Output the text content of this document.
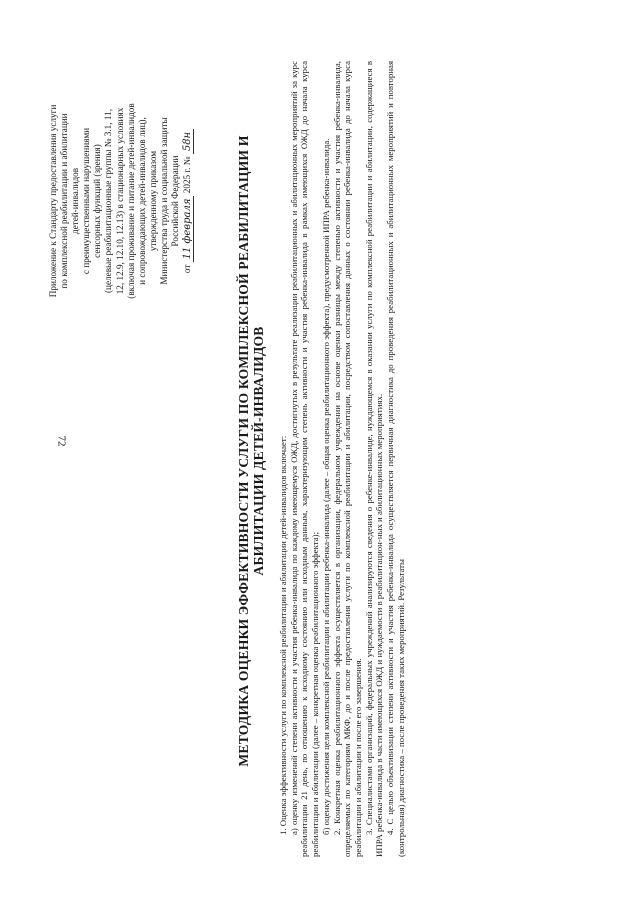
72
Приложение к Стандарту предоставления услуги по комплексной реабилитации и абилитации детей-инвалидов с преимущественными нарушениями сенсорных функций (зрения) (целевые реабилитационные группы № 3.1, 11, 12, 12.9, 12.10, 12.13) в стационарных условиях (включая проживание и питание детей-инвалидов и сопровождающих детей-инвалидов лиц), утвержденному приказом Министерства труда и социальной защиты Российской Федерации
от 11 февраля 2025 г. № 58н	МЕТОДИКА ОЦЕНКИ ЭФФЕКТИВНОСТИ УСЛУГИ ПО КОМПЛЕКСНОЙ РЕАБИЛИТАЦИИ И АБИЛИТАЦИИ ДЕТЕЙ-ИНВАЛИДОВ 1. Оценка эффективности услуги по комплексной реабилитации и абилитации детей-инвалидов включает: а) оценку изменений степени активности и участия ребенка-инвалида по каждому имеющемуся ОЖД, достигнутых в результате реализации реабилитационных и абилитационных мероприятий за курс реабилитации 21 день, по отношению к исходному состоянию или исходным данным, характеризующим степень активности и участия ребенка-инвалида в рамках имеющихся ОЖД до начала курса реабилитации и абилитации (далее – конкретная оценка реабилитационного эффекта); б) оценку достижения цели комплексной реабилитации и абилитации ребенка-инвалида (далее – общая оценка реабилитационного эффекта), предусмотренной ИПРА ребенка-инвалида. 2. Конкретная оценка реабилитационного эффекта осуществляется в организации, федеральном учреждении на основе оценки разницы между степенью активности и участия ребенка-инвалида, определяемых по категориям МКФ, до и после предоставления услуги по комплексной реабилитации и абилитации, посредством сопоставления данных о состоянии ребенка-инвалида до начала курса реабилитации и абилитации и после его завершения. 3. Специалистами организаций, федеральных учреждений анализируются сведения о ребенке-инвалиде, нуждающемся в оказании услуги по комплексной реабилитации и абилитации, содержащиеся в ИПРА ребенка-инвалида в части имеющихся ОЖД и нуждаемости в реабилитацион-ных и абилитационных мероприятиях. 4. С целью объективизации степени активности и участия ребенка-инвалида осуществляется первичная диагностика до проведения реабилитационных и абилитационных мероприятий и повторная (контрольная) диагностика – после проведения таких мероприятий. Результаты
